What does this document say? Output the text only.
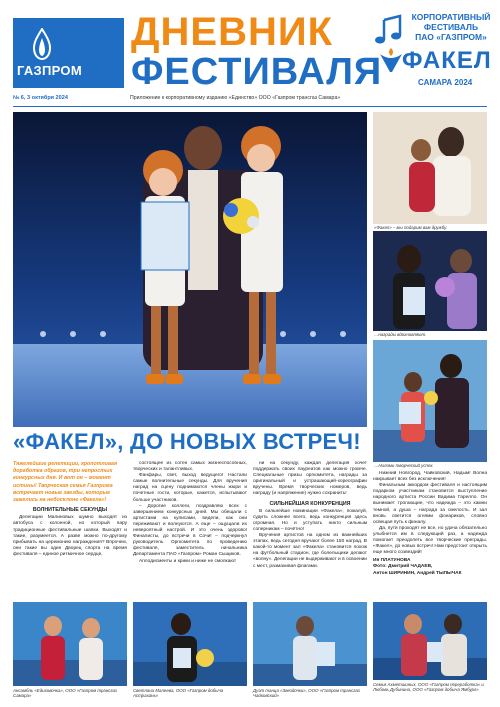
ГАЗПРОМ
ДНЕВНИК
ФЕСТИВАЛЯ
КОРПОРАТИВНЫЙ
ФЕСТИВАЛЬ
ПАО «ГАЗПРОМ»
ФАКЕЛ
САМАРА 2024
№ 6, 3 октября 2024	Приложение к корпоративному изданию «Единство» ООО «Газпром трансгаз Самара»
«Факел» – мы подарим вам дружбу.
…награды вдохновляют.
…Ниломи творческий успех.
«ФАКЕЛ», ДО НОВЫХ ВСТРЕЧ!

Тяжелейшие репетиции, кропотливая доработка образов, три непростых конкурсных дня. И вот он – момент истины! Творческая семья Газпрома встречает новые звезды, которые зажглись на небосклоне «Факела»!

ВОЛНИТЕЛЬНЫЕ СЕКУНДЫ

Делегации Малиновых шумно выходят из автобуса с колонной, но который пару традиционные фестивальные шапки. Выходят и такие, разумеется. А разве можно по-другому прибывать на церемонию награждения? Впрочем, они такие вы один Дворец спорта на время фестиваля – единое ритмичное сердце,

состоящее из сотен самых жизнеспособных, творческих и талантливых.

Фанфары, свет, выход ведущего! Настали самые волнительные секунды. Для вручения наград на сцену поднимаются члены жюри и почетные гости, которые, кажется, испытывают больше участников.

– Дорогие коллеги, поздравляю всех с завершением конкурсных дней. Мы обещали с артистами на кулисами, видели, как они переживают и волнуются. А еще – ощущали их невероятный настрой. И это очень здорово! Финалисты, до встречи в Сочи! – подчеркнул руководитель Оргкомитета по проведению фестиваля, заместитель начальника Департамента ПАО «Газпром» Роман Сыщиков.

Аплодисменты и крики и ниже не смолкают

ни на секунду, каждая делегация хочет поддержать своих лауреатов как можно громче. Специальные призы оргкомитета, награды за оригинальный и устрашающий-хореографии вручены. Время творческих номеров, ведь награду (и напряжение) нужно сохранить!

СИЛЬНЕЙШАЯ КОНКУРЕНЦИЯ

В сильнейше номинации «Факела», пожалуй, судить сложнее всего, ведь конкуренция здесь огромная. Но и уступать никто сильным соперникам – почётно!

Вручения артистов на одном из важнейших этапах, ведь сегодня вручают более 150 наград. В какой-то момент зал «Факела» становится похож на футбольный стадион, где болельщики делают «волну». Делегации не выдерживают и в освоении с мест, размахивая флагами.

Нижний Новгород, Чайковский, Надым! Волна накрывает всех без исключения!

Финальным аккордом фестиваля и настоящим подарком участникам становится выступление народного артиста России Вадима Гарелло. Он вынимает трогающие, что надежда – это камни темной, а душа – награда за смелость. И зал вновь светится огнями фонариков, словно освещая путь к финалу.

Да, пути проходят не все, но удача обязательно улыбнется им в следующий раз, а надежда помогает преодолеть все творческие преграды. «Факел», до новых встреч! Нам предстоит открыть еще много созвездий!

Ия ПЛАТУНОВА

Фото: Дмитрий ЧАДАЕВ,

Антон ШИРИНИН, Андрей ТЫЛЫЧАК

Ансамбль «Едиховочка», ООО «Газпром трансгаз Самара»
Светлана Малеева, ООО «Газпром добыча Астрахань»
Дуэт танца «Звездочки», ООО «Газпром трансгаз Чайковский»
Семья Ахметшиных, ООО «Газпром переработка» и Любовь Дубинина, ООО «Газпром добыча Ямбург»
